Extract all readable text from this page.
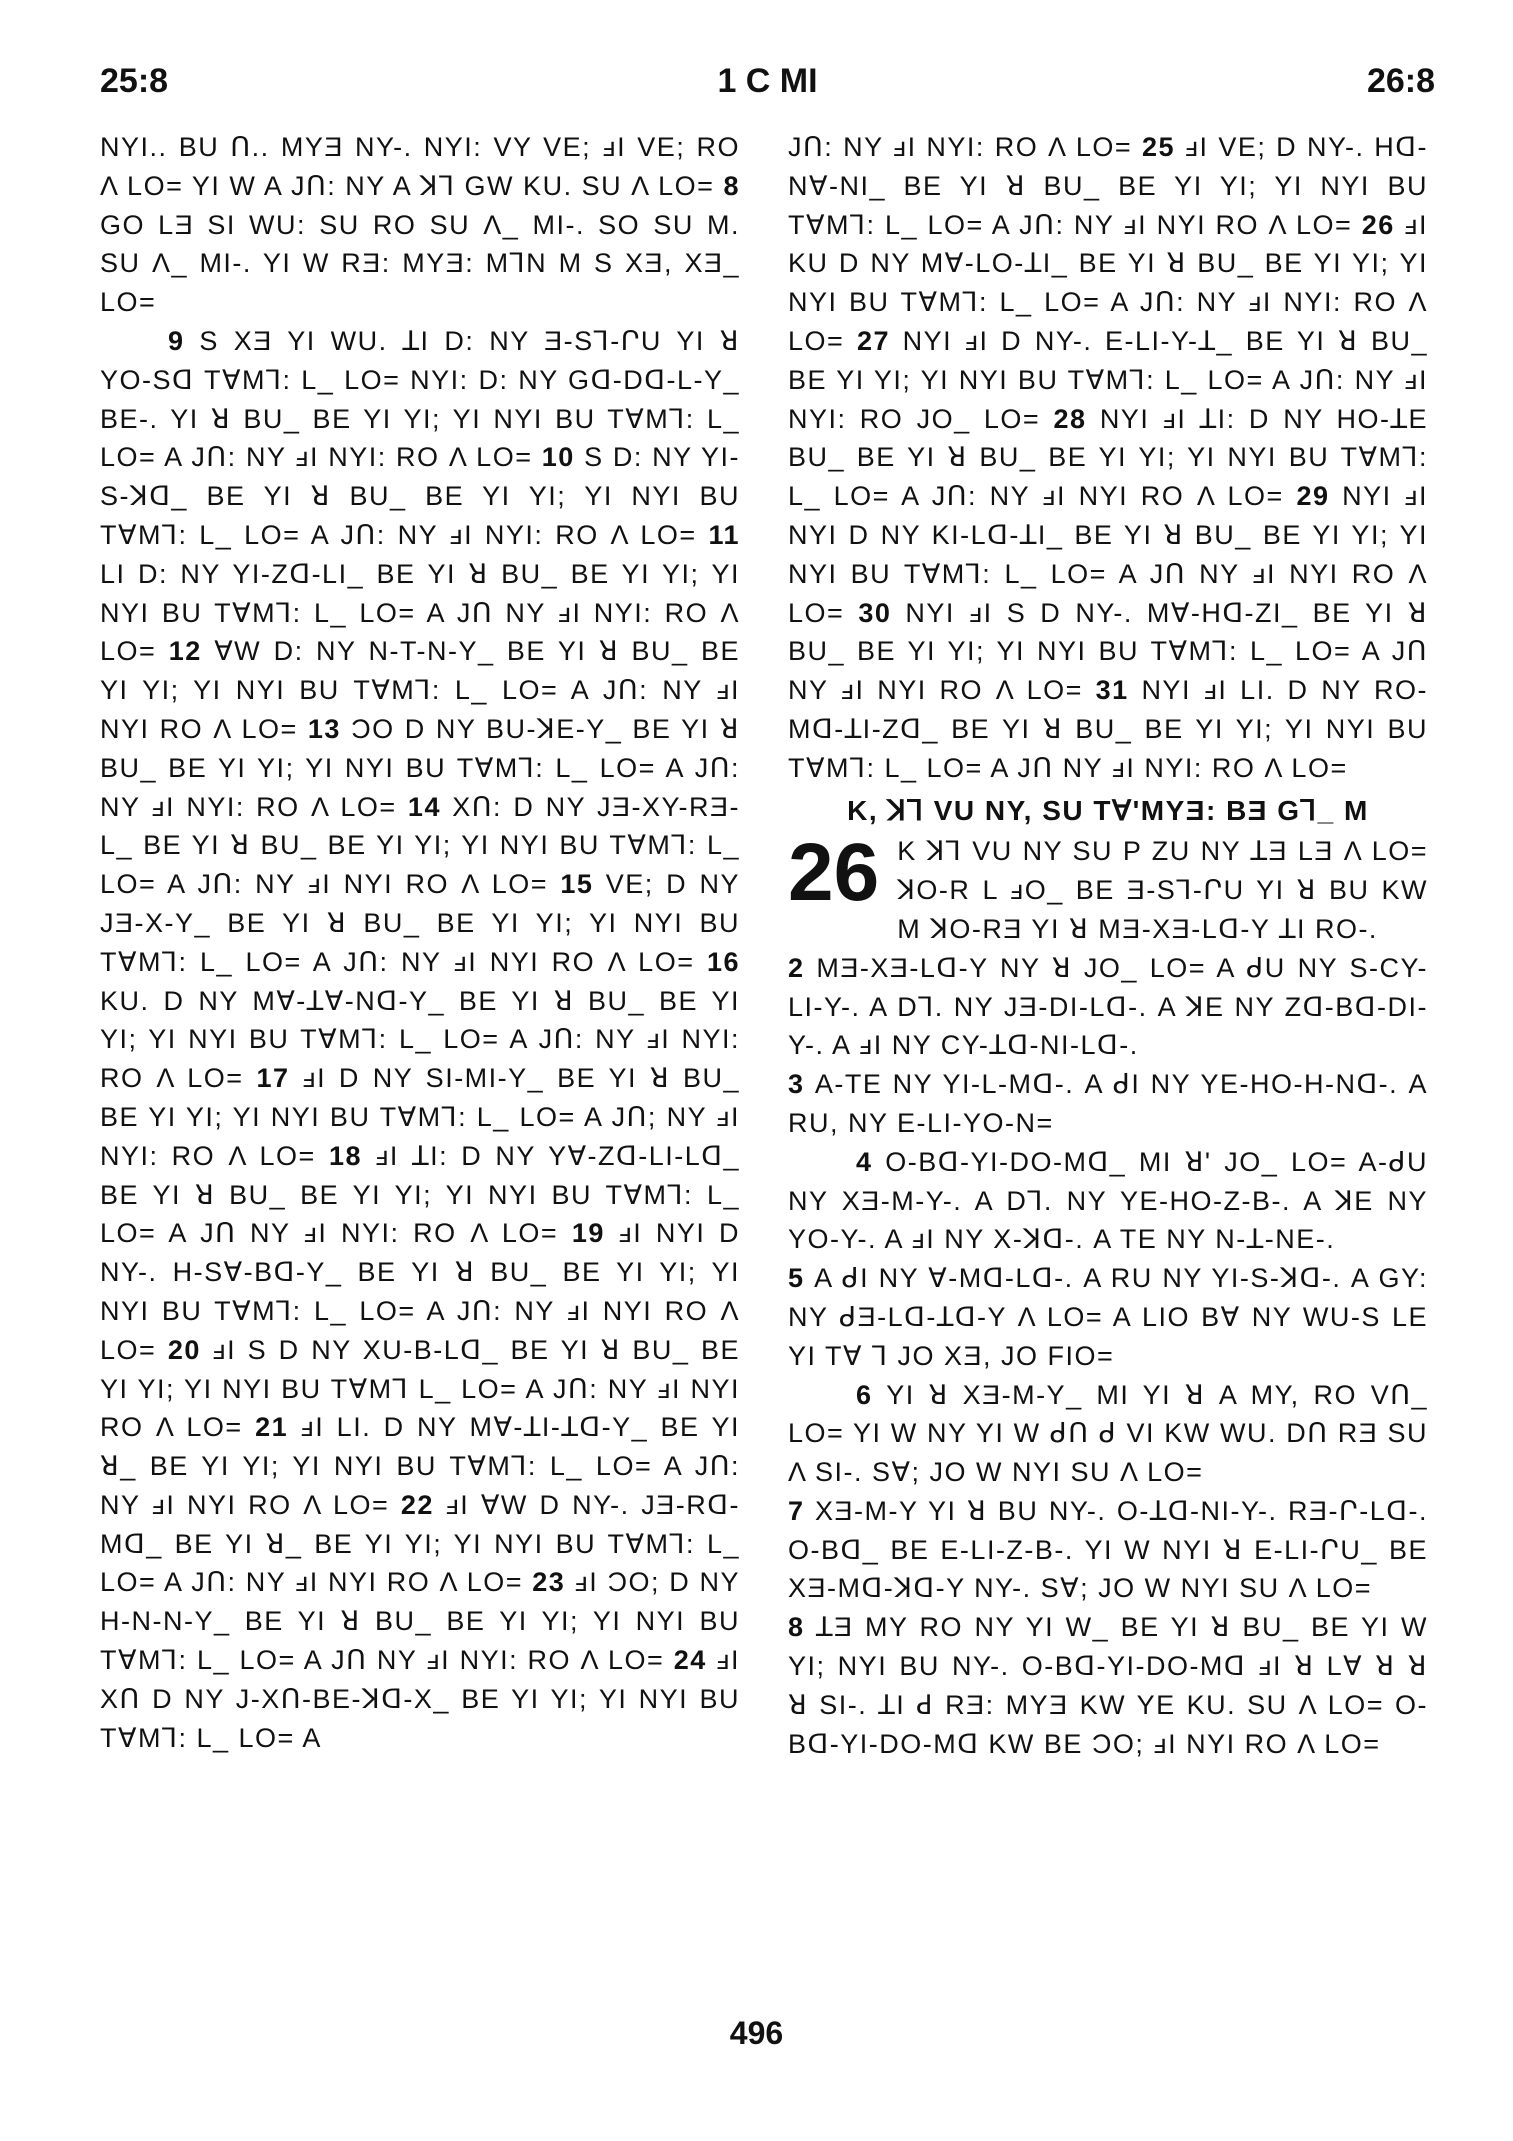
25:8	1 C MI	26:8

NYI.. BU Ո.. MYƎ NY-. NYI: VY VE; ⅎI VE; RO Λ LO= YI W A JՈ: NY A ꓘꓶ GW KU. SU Λ LO= 8 GO LƎ SI WU: SU RO SU Λ_ MI-. SO SU M. SU Λ_ MI-. YI W RƎ: MYƎ: MꓶN M S XƎ, XƎ_ LO=

9 S XƎ YI WU. ꓕI D: NY Ǝ-Sꓶ-ՐU YI ꓤ YO-Sꓷ TꓯMꓶ: L_ LO= NYI: D: NY Gꓷ-Dꓷ-L-Y_ BE-. YI ꓤ BU_ BE YI YI; YI NYI BU TꓯMꓶ: L_ LO= A JՈ: NY ⅎI NYI: RO Λ LO= 10 S D: NY YI-S-ꓘꓷ_ BE YI ꓤ BU_ BE YI YI; YI NYI BU TꓯMꓶ: L_ LO= A JՈ: NY ⅎI NYI: RO Λ LO= 11 LI D: NY YI-Zꓷ-LI_ BE YI ꓤ BU_ BE YI YI; YI NYI BU TꓯMꓶ: L_ LO= A JՈ NY ⅎI NYI: RO Λ LO= 12 ꓯW D: NY N-T-N-Y_ BE YI ꓤ BU_ BE YI YI; YI NYI BU TꓯMꓶ: L_ LO= A JՈ: NY ⅎI NYI RO Λ LO= 13 ƆO D NY BU-ꓘE-Y_ BE YI ꓤ BU_ BE YI YI; YI NYI BU TꓯMꓶ: L_ LO= A JՈ: NY ⅎI NYI: RO Λ LO= 14 XՈ: D NY JƎ-XY-RƎ-L_ BE YI ꓤ BU_ BE YI YI; YI NYI BU TꓯMꓶ: L_ LO= A JՈ: NY ⅎI NYI RO Λ LO= 15 VE; D NY JƎ-X-Y_ BE YI ꓤ BU_ BE YI YI; YI NYI BU TꓯMꓶ: L_ LO= A JՈ: NY ⅎI NYI RO Λ LO= 16 KU. D NY Mꓯ-ꓕꓯ-Nꓷ-Y_ BE YI ꓤ BU_ BE YI YI; YI NYI BU TꓯMꓶ: L_ LO= A JՈ: NY ⅎI NYI: RO Λ LO= 17 ⅎI D NY SI-MI-Y_ BE YI ꓤ BU_ BE YI YI; YI NYI BU TꓯMꓶ: L_ LO= A JՈ; NY ⅎI NYI: RO Λ LO= 18 ⅎI ꓕI: D NY Yꓯ-Zꓷ-LI-Lꓷ_ BE YI ꓤ BU_ BE YI YI; YI NYI BU TꓯMꓶ: L_ LO= A JՈ NY ⅎI NYI: RO Λ LO= 19 ⅎI NYI D NY-. H-Sꓯ-Bꓷ-Y_ BE YI ꓤ BU_ BE YI YI; YI NYI BU TꓯMꓶ: L_ LO= A JՈ: NY ⅎI NYI RO Λ LO= 20 ⅎI S D NY XU-B-Lꓷ_ BE YI ꓤ BU_ BE YI YI; YI NYI BU TꓯMꓶ L_ LO= A JՈ: NY ⅎI NYI RO Λ LO= 21 ⅎI LI. D NY Mꓯ-ꓕI-ꓕꓷ-Y_ BE YI ꓤ_ BE YI YI; YI NYI BU TꓯMꓶ: L_ LO= A JՈ: NY ⅎI NYI RO Λ LO= 22 ⅎI ꓯW D NY-. JƎ-Rꓷ-Mꓷ_ BE YI ꓤ_ BE YI YI; YI NYI BU TꓯMꓶ: L_ LO= A JՈ: NY ⅎI NYI RO Λ LO= 23 ⅎI ƆO; D NY H-N-N-Y_ BE YI ꓤ BU_ BE YI YI; YI NYI BU TꓯMꓶ: L_ LO= A JՈ NY ⅎI NYI: RO Λ LO= 24 ⅎI XՈ D NY J-XՈ-BE-ꓘꓷ-X_ BE YI YI; YI NYI BU TꓯMꓶ: L_ LO= A

JՈ: NY ⅎI NYI: RO Λ LO= 25 ⅎI VE; D NY-. Hꓷ-Nꓯ-NI_ BE YI ꓤ BU_ BE YI YI; YI NYI BU TꓯMꓶ: L_ LO= A JՈ: NY ⅎI NYI RO Λ LO= 26 ⅎI KU D NY Mꓯ-LO-ꓕI_ BE YI ꓤ BU_ BE YI YI; YI NYI BU TꓯMꓶ: L_ LO= A JՈ: NY ⅎI NYI: RO Λ LO= 27 NYI ⅎI D NY-. E-LI-Y-ꓕ_ BE YI ꓤ BU_ BE YI YI; YI NYI BU TꓯMꓶ: L_ LO= A JՈ: NY ⅎI NYI: RO JO_ LO= 28 NYI ⅎI ꓕI: D NY HO-ꓕE BU_ BE YI ꓤ BU_ BE YI YI; YI NYI BU TꓯMꓶ: L_ LO= A JՈ: NY ⅎI NYI RO Λ LO= 29 NYI ⅎI NYI D NY KI-Lꓷ-ꓕI_ BE YI ꓤ BU_ BE YI YI; YI NYI BU TꓯMꓶ: L_ LO= A JՈ NY ⅎI NYI RO Λ LO= 30 NYI ⅎI S D NY-. Mꓯ-Hꓷ-ZI_ BE YI ꓤ BU_ BE YI YI; YI NYI BU TꓯMꓶ: L_ LO= A JՈ NY ⅎI NYI RO Λ LO= 31 NYI ⅎI LI. D NY RO-Mꓷ-ꓕI-Zꓷ_ BE YI ꓤ BU_ BE YI YI; YI NYI BU TꓯMꓶ: L_ LO= A JՈ NY ⅎI NYI: RO Λ LO=

K, ꓘꓶ VU NY, SU Tꓯ'MYƎ: BƎ Gꓶ_ M

26 K ꓘꓶ VU NY SU P ZU NY ꓕƎ LƎ Λ LO= ꓘO-R L ⅎO_ BE Ǝ-Sꓶ-ՐU YI ꓤ BU KW M ꓘO-RƎ YI ꓤ MƎ-XƎ-Lꓷ-Y ꓕI RO-.

2 MƎ-XƎ-Lꓷ-Y NY ꓤ JO_ LO= A ᑯU NY S-CY-LI-Y-. A Dꓶ. NY JƎ-DI-Lꓷ-. A ꓘE NY Zꓷ-Bꓷ-DI-Y-. A ⅎI NY CY-ꓕꓷ-NI-Lꓷ-.

3 A-TE NY YI-L-Mꓷ-. A ᑯI NY YE-HO-H-Nꓷ-. A RU, NY E-LI-YO-N=

4 O-Bꓷ-YI-DO-Mꓷ_ MI ꓤ' JO_ LO= A-ᑯU NY XƎ-M-Y-. A Dꓶ. NY YE-HO-Z-B-. A ꓘE NY YO-Y-. A ⅎI NY X-ꓘꓷ-. A TE NY N-ꓕ-NE-.

5 A ᑯI NY ꓯ-Mꓷ-Lꓷ-. A RU NY YI-S-ꓘꓷ-. A GY: NY ᑯƎ-Lꓷ-ꓕꓷ-Y Λ LO= A LIO Bꓯ NY WU-S LE YI Tꓯ ꓶ JO XƎ, JO FIO=

6 YI ꓤ XƎ-M-Y_ MI YI ꓤ A MY, RO VՈ_ LO= YI W NY YI W ᑯՈ ᑯ VI KW WU. DՈ RƎ SU Λ SI-. Sꓯ; JO W NYI SU Λ LO=

7 XƎ-M-Y YI ꓤ BU NY-. O-ꓕꓷ-NI-Y-. RƎ-Ր-Lꓷ-. O-Bꓷ_ BE E-LI-Z-B-. YI W NYI ꓤ E-LI-ՐU_ BE XƎ-Mꓷ-ꓘꓷ-Y NY-. Sꓯ; JO W NYI SU Λ LO=

8 ꓕƎ MY RO NY YI W_ BE YI ꓤ BU_ BE YI W YI; NYI BU NY-. O-Bꓷ-YI-DO-Mꓷ ⅎI ꓤ Lꓯ ꓤ ꓤ ꓤ SI-. ꓕI ꓒ RƎ: MYƎ KW YE KU. SU Λ LO= O-Bꓷ-YI-DO-Mꓷ KW BE ƆO; ⅎI NYI RO Λ LO=

496
